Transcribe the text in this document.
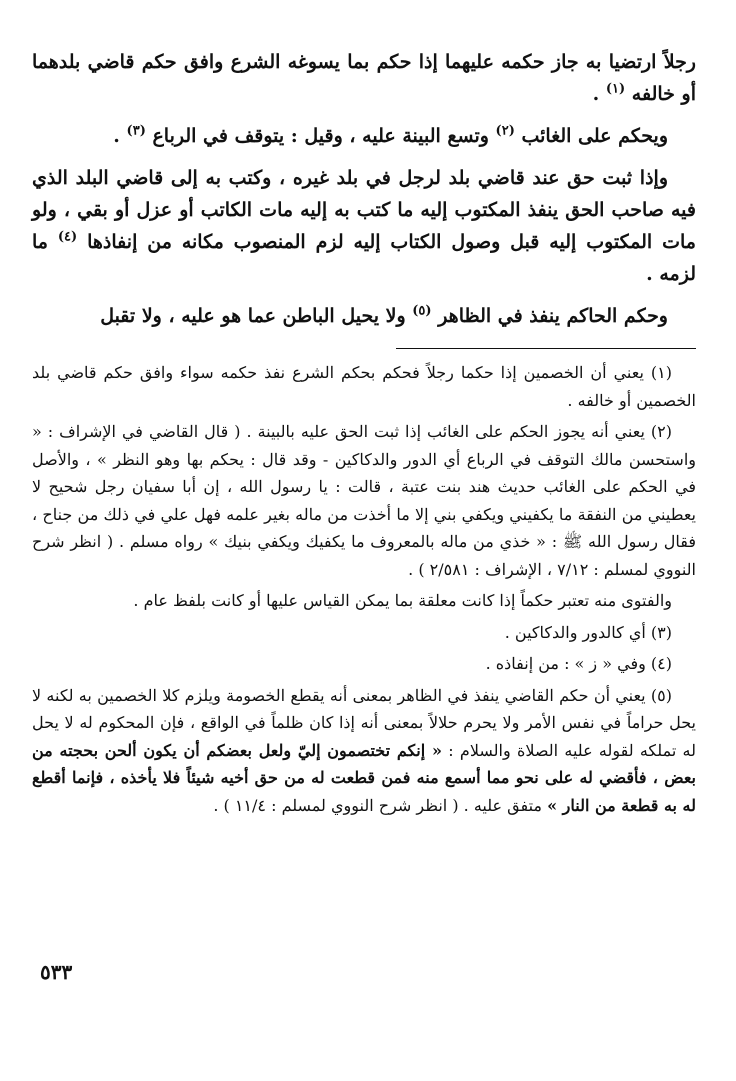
رجلاً ارتضيا به جاز حكمه عليهما إذا حكم بما يسوغه الشرع وافق حكم قاضي بلدهما أو خالفه $^{(١)}$ .

ويحكم على الغائب $^{(٢)}$ وتسع البينة عليه ، وقيل : يتوقف في الرباع $^{(٣)}$ .

وإذا ثبت حق عند قاضي بلد لرجل في بلد غيره ، وكتب به إلى قاضي البلد الذي فيه صاحب الحق ينفذ المكتوب إليه ما كتب به إليه مات الكاتب أو عزل أو بقي ، ولو مات المكتوب إليه قبل وصول الكتاب إليه لزم المنصوب مكانه من إنفاذها $^{(٤)}$ ما لزمه .

وحكم الحاكم ينفذ في الظاهر $^{(٥)}$ ولا يحيل الباطن عما هو عليه ، ولا تقبل

(١) يعني أن الخصمين إذا حكما رجلاً فحكم بحكم الشرع نفذ حكمه سواء وافق حكم قاضي بلد الخصمين أو خالفه .

(٢) يعني أنه يجوز الحكم على الغائب إذا ثبت الحق عليه بالبينة . ( قال القاضي في الإشراف : « واستحسن مالك التوقف في الرباع أي الدور والدكاكين - وقد قال : يحكم بها وهو النظر » ، والأصل في الحكم على الغائب حديث هند بنت عتبة ، قالت : يا رسول الله ، إن أبا سفيان رجل شحيح لا يعطيني من النفقة ما يكفيني ويكفي بني إلا ما أخذت من ماله بغير علمه فهل علي في ذلك من جناح ، فقال رسول الله ﷺ : « خذي من ماله بالمعروف ما يكفيك ويكفي بنيك » رواه مسلم . ( انظر شرح النووي لمسلم : ٧/١٢ ، الإشراف : ٢/٥٨١ ) .

والفتوى منه تعتبر حكماً إذا كانت معلقة بما يمكن القياس عليها أو كانت بلفظ عام .

(٣) أي كالدور والدكاكين .

(٤) وفي « ز » : من إنفاذه .

(٥) يعني أن حكم القاضي ينفذ في الظاهر بمعنى أنه يقطع الخصومة ويلزم كلا الخصمين به لكنه لا يحل حراماً في نفس الأمر ولا يحرم حلالاً بمعنى أنه إذا كان ظلماً في الواقع ، فإن المحكوم له لا يحل له تملكه لقوله عليه الصلاة والسلام : « إنكم تختصمون إليّ ولعل بعضكم أن يكون ألحن بحجته من بعض ، فأقضي له على نحو مما أسمع منه فمن قطعت له من حق أخيه شيئاً فلا يأخذه ، فإنما أقطع له به قطعة من النار » متفق عليه . ( انظر شرح النووي لمسلم : ١١/٤ ) .

٥٣٣
